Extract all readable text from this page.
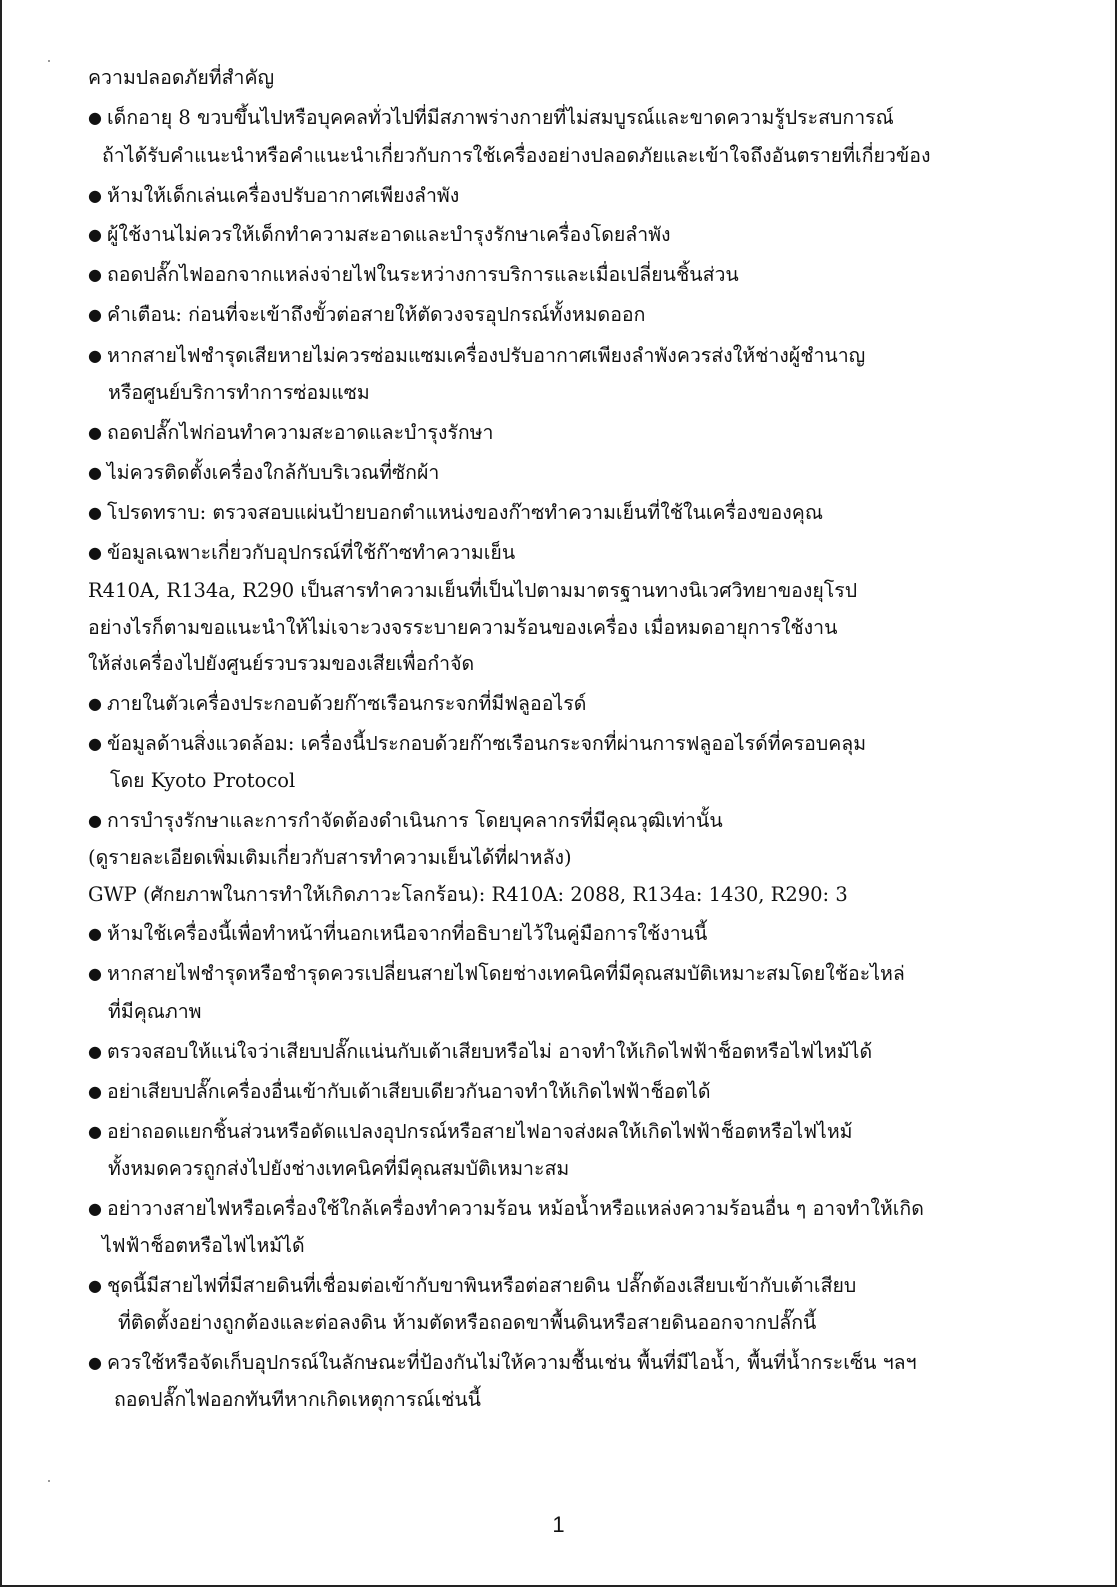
ความปลอดภัยที่สำคัญ
● เด็กอายุ 8 ขวบขึ้นไปหรือบุคคลทั่วไปที่มีสภาพร่างกายที่ไม่สมบูรณ์และขาดความรู้ประสบการณ์
ถ้าได้รับคำแนะนำหรือคำแนะนำเกี่ยวกับการใช้เครื่องอย่างปลอดภัยและเข้าใจถึงอันตรายที่เกี่ยวข้อง
● ห้ามให้เด็กเล่นเครื่องปรับอากาศเพียงลำพัง
● ผู้ใช้งานไม่ควรให้เด็กทำความสะอาดและบำรุงรักษาเครื่องโดยลำพัง
● ถอดปลั๊กไฟออกจากแหล่งจ่ายไฟในระหว่างการบริการและเมื่อเปลี่ยนชิ้นส่วน
● คำเตือน: ก่อนที่จะเข้าถึงขั้วต่อสายให้ตัดวงจรอุปกรณ์ทั้งหมดออก
● หากสายไฟชำรุดเสียหายไม่ควรซ่อมแซมเครื่องปรับอากาศเพียงลำพังควรส่งให้ช่างผู้ชำนาญ
หรือศูนย์บริการทำการซ่อมแซม
● ถอดปลั๊กไฟก่อนทำความสะอาดและบำรุงรักษา
● ไม่ควรติดตั้งเครื่องใกล้กับบริเวณที่ซักผ้า
● โปรดทราบ: ตรวจสอบแผ่นป้ายบอกตำแหน่งของก๊าซทำความเย็นที่ใช้ในเครื่องของคุณ
● ข้อมูลเฉพาะเกี่ยวกับอุปกรณ์ที่ใช้ก๊าซทำความเย็น
R410A, R134a, R290 เป็นสารทำความเย็นที่เป็นไปตามมาตรฐานทางนิเวศวิทยาของยุโรป
อย่างไรก็ตามขอแนะนำให้ไม่เจาะวงจรระบายความร้อนของเครื่อง เมื่อหมดอายุการใช้งาน
ให้ส่งเครื่องไปยังศูนย์รวบรวมของเสียเพื่อกำจัด
● ภายในตัวเครื่องประกอบด้วยก๊าซเรือนกระจกที่มีฟลูออไรด์
● ข้อมูลด้านสิ่งแวดล้อม: เครื่องนี้ประกอบด้วยก๊าซเรือนกระจกที่ผ่านการฟลูออไรด์ที่ครอบคลุม
โดย Kyoto Protocol
● การบำรุงรักษาและการกำจัดต้องดำเนินการ โดยบุคลากรที่มีคุณวุฒิเท่านั้น
(ดูรายละเอียดเพิ่มเติมเกี่ยวกับสารทำความเย็นได้ที่ฝาหลัง)
GWP (ศักยภาพในการทำให้เกิดภาวะโลกร้อน): R410A: 2088, R134a: 1430, R290: 3
● ห้ามใช้เครื่องนี้เพื่อทำหน้าที่นอกเหนือจากที่อธิบายไว้ในคู่มือการใช้งานนี้
● หากสายไฟชำรุดหรือชำรุดควรเปลี่ยนสายไฟโดยช่างเทคนิคที่มีคุณสมบัติเหมาะสมโดยใช้อะไหล่
ที่มีคุณภาพ
● ตรวจสอบให้แน่ใจว่าเสียบปลั๊กแน่นกับเต้าเสียบหรือไม่ อาจทำให้เกิดไฟฟ้าช็อตหรือไฟไหม้ได้
● อย่าเสียบปลั๊กเครื่องอื่นเข้ากับเต้าเสียบเดียวกันอาจทำให้เกิดไฟฟ้าช็อตได้
● อย่าถอดแยกชิ้นส่วนหรือดัดแปลงอุปกรณ์หรือสายไฟอาจส่งผลให้เกิดไฟฟ้าช็อตหรือไฟไหม้
ทั้งหมดควรถูกส่งไปยังช่างเทคนิคที่มีคุณสมบัติเหมาะสม
● อย่าวางสายไฟหรือเครื่องใช้ใกล้เครื่องทำความร้อน หม้อน้ำหรือแหล่งความร้อนอื่น ๆ อาจทำให้เกิด
ไฟฟ้าช็อตหรือไฟไหม้ได้
● ชุดนี้มีสายไฟที่มีสายดินที่เชื่อมต่อเข้ากับขาพินหรือต่อสายดิน ปลั๊กต้องเสียบเข้ากับเต้าเสียบ
ที่ติดตั้งอย่างถูกต้องและต่อลงดิน ห้ามตัดหรือถอดขาพื้นดินหรือสายดินออกจากปลั๊กนี้
● ควรใช้หรือจัดเก็บอุปกรณ์ในลักษณะที่ป้องกันไม่ให้ความชื้นเช่น พื้นที่มีไอน้ำ, พื้นที่น้ำกระเซ็น ฯลฯ
ถอดปลั๊กไฟออกทันทีหากเกิดเหตุการณ์เช่นนี้
1
